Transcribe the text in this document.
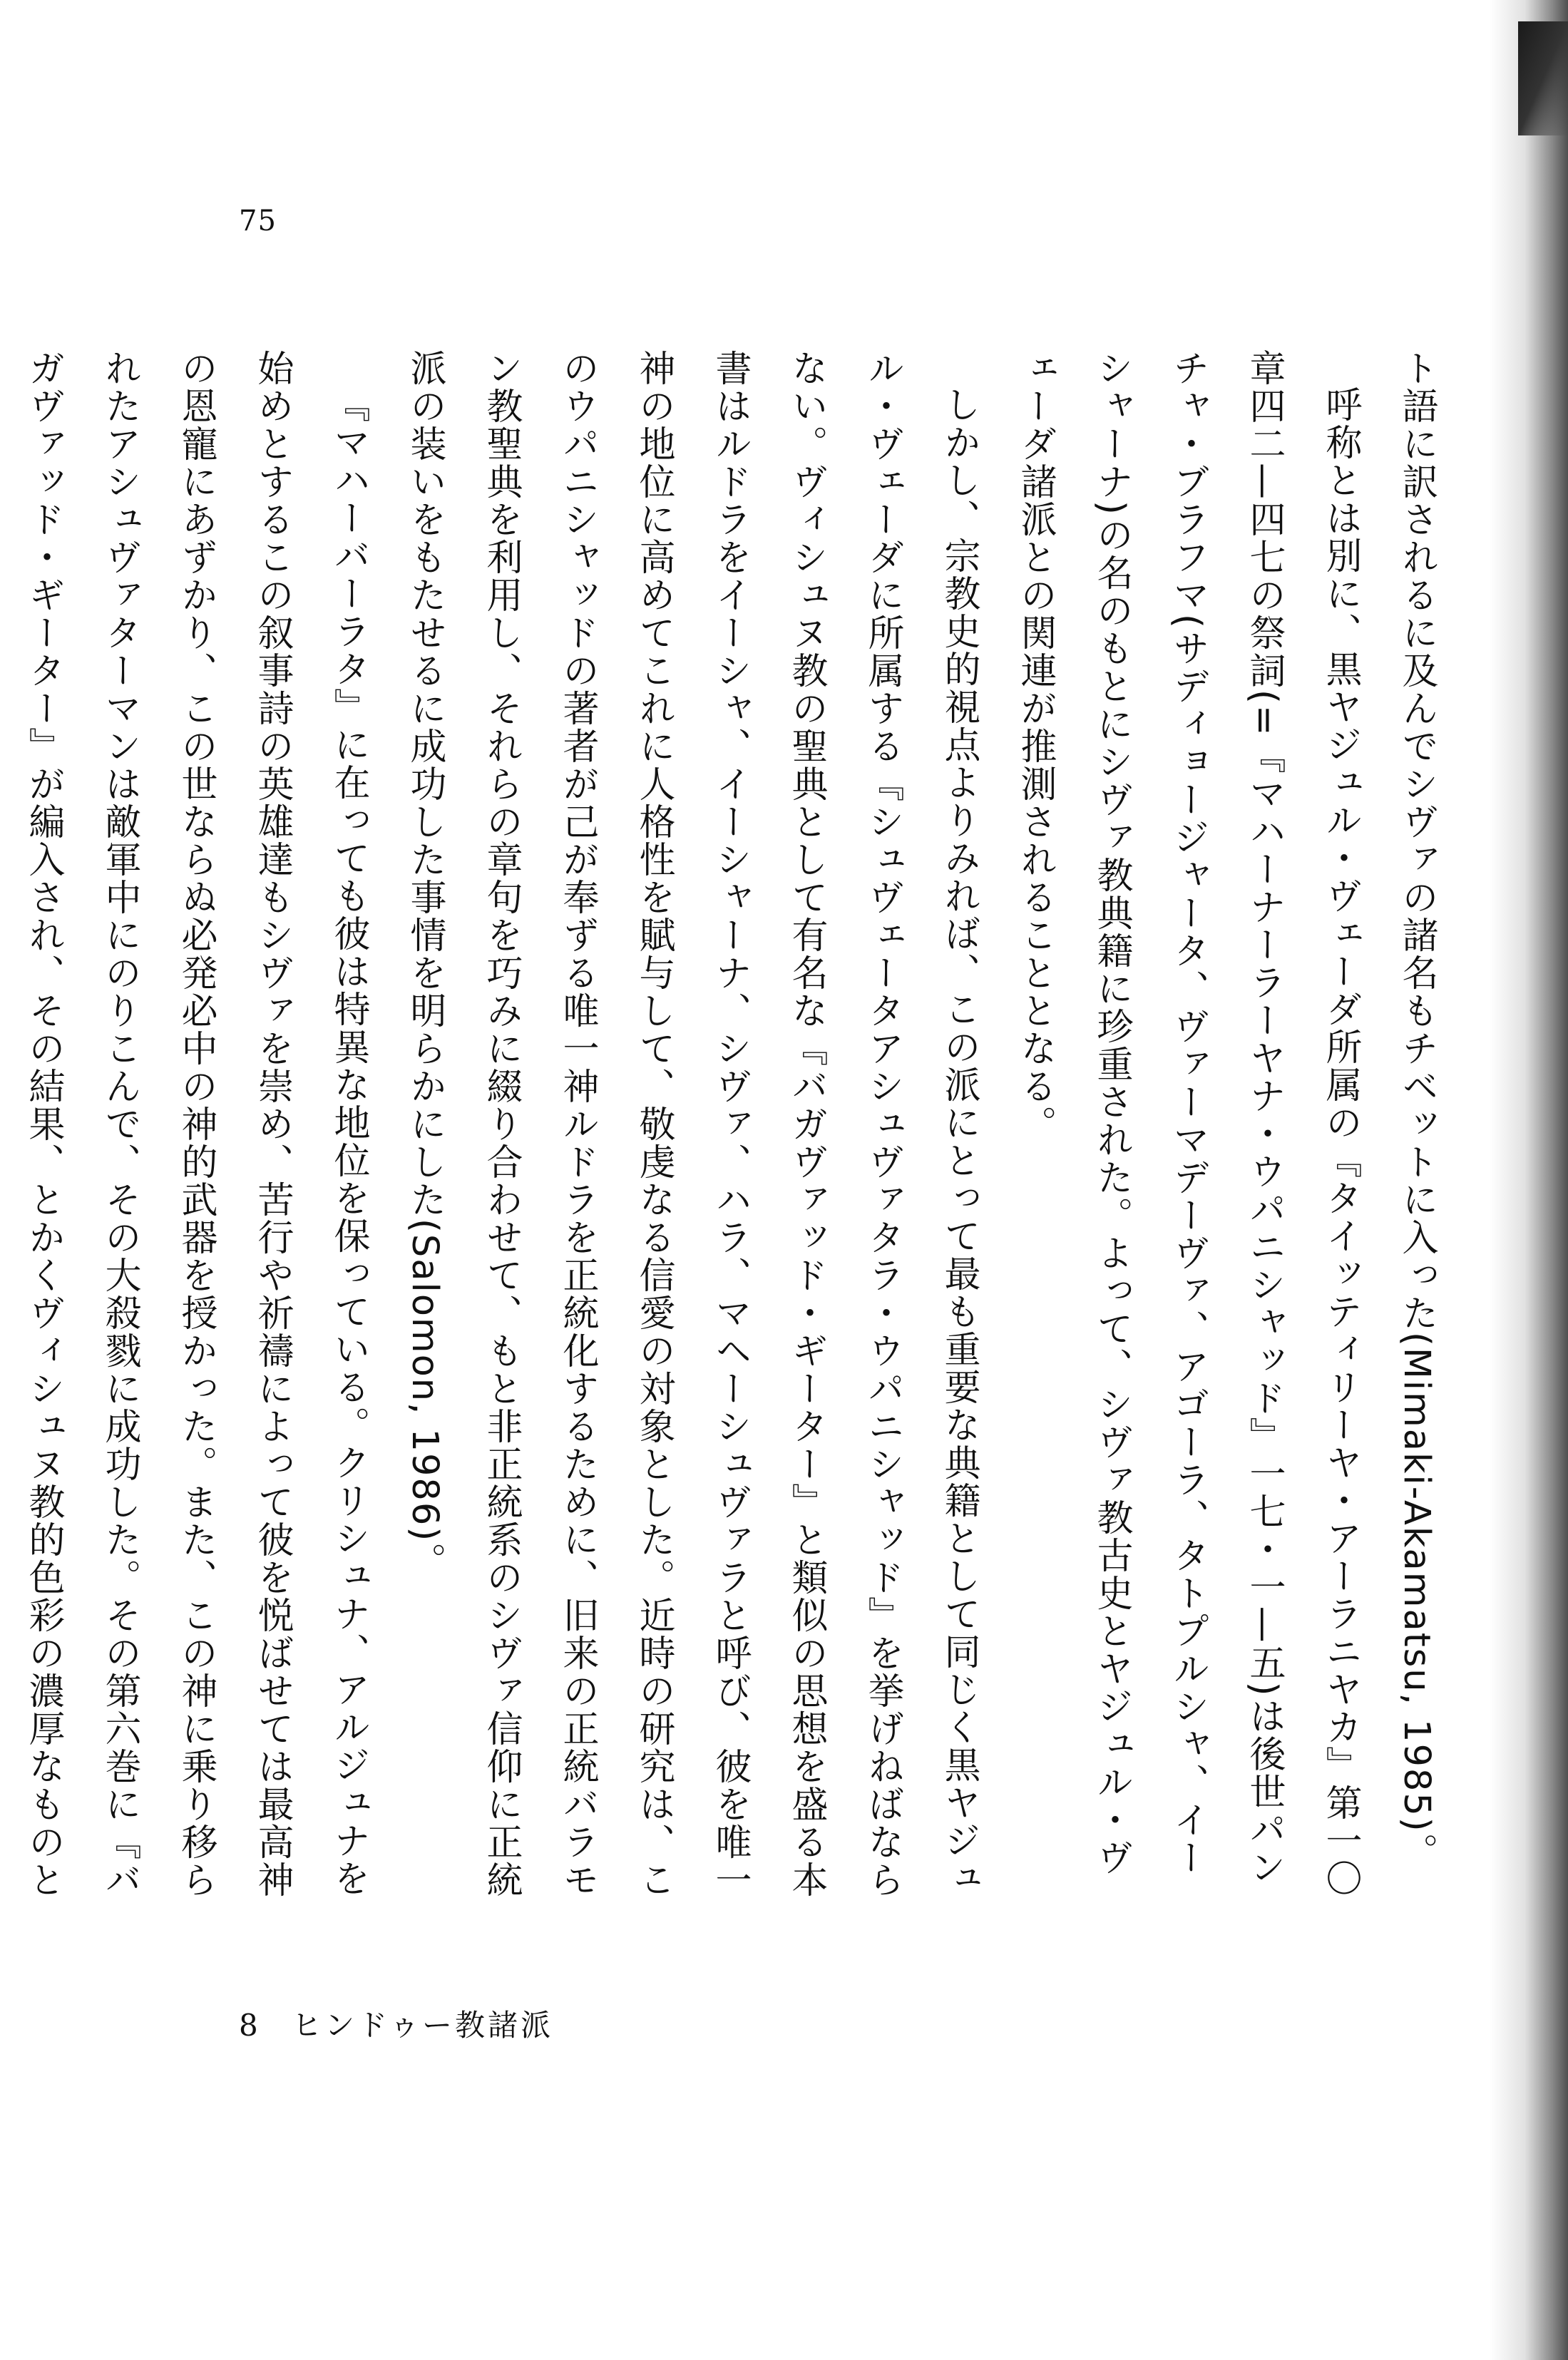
75

ト語に訳されるに及んでシヴァの諸名もチベットに入った(Mimaki-Akamatsu, 1985)。

呼称とは別に、黒ヤジュル・ヴェーダ所属の『タイッティリーヤ・アーラニヤカ』第一〇章四二—四七の祭詞(=『マハーナーラーヤナ・ウパニシャッド』一七・一—五)は後世パンチャ・ブラフマ(サディョージャータ、ヴァーマデーヴァ、アゴーラ、タトプルシャ、イーシャーナ)の名のもとにシヴァ教典籍に珍重された。よって、シヴァ教古史とヤジュル・ヴェーダ諸派との関連が推測されることとなる。

しかし、宗教史的視点よりみれば、この派にとって最も重要な典籍として同じく黒ヤジュル・ヴェーダに所属する『シュヴェータアシュヴァタラ・ウパニシャッド』を挙げねばならない。ヴィシュヌ教の聖典として有名な『バガヴァッド・ギーター』と類似の思想を盛る本書はルドラをイーシャ、イーシャーナ、シヴァ、ハラ、マヘーシュヴァラと呼び、彼を唯一神の地位に高めてこれに人格性を賦与して、敬虔なる信愛の対象とした。近時の研究は、このウパニシャッドの著者が己が奉ずる唯一神ルドラを正統化するために、旧来の正統バラモン教聖典を利用し、それらの章句を巧みに綴り合わせて、もと非正統系のシヴァ信仰に正統派の装いをもたせるに成功した事情を明らかにした(Salomon, 1986)。

『マハーバーラタ』に在っても彼は特異な地位を保っている。クリシュナ、アルジュナを始めとするこの叙事詩の英雄達もシヴァを崇め、苦行や祈禱によって彼を悦ばせては最高神の恩寵にあずかり、この世ならぬ必発必中の神的武器を授かった。また、この神に乗り移られたアシュヴァターマンは敵軍中にのりこんで、その大殺戮に成功した。その第六巻に『バガヴァッド・ギーター』が編入され、その結果、とかくヴィシュヌ教的色彩の濃厚なものと

8 ヒンドゥー教諸派
